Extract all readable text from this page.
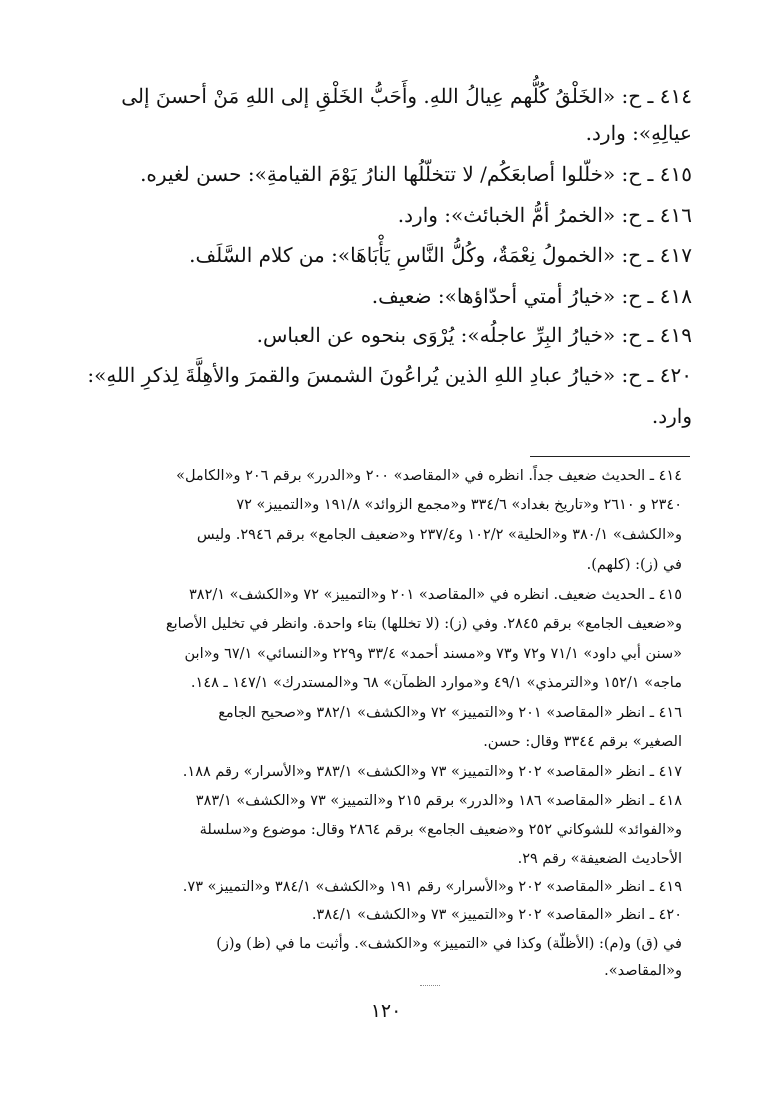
٤١٤ ـ ح: «الخَلْقُ كُلُّهم عِيالُ اللهِ. وأَحَبُّ الخَلْقِ إلى اللهِ مَنْ أحسنَ إلى
عيالِهِ»: وارد.
٤١٥ ـ ح: «خلّلوا أصابعَكُم/ لا تتخلّلُها النارُ يَوْمَ القيامةِ»: حسن لغيره.
٤١٦ ـ ح: «الخمرُ أمُّ الخبائث»: وارد.
٤١٧ ـ ح: «الخمولُ نِعْمَةٌ، وكُلُّ النَّاسِ يَأْبَاهَا»: من كلام السَّلَف.
٤١٨ ـ ح: «خيارُ أمتي أحدّاؤها»: ضعيف.
٤١٩ ـ ح: «خيارُ البِرِّ عاجلُه»: يُرْوَى بنحوه عن العباس.
٤٢٠ ـ ح: «خيارُ عبادِ اللهِ الذين يُراعُونَ الشمسَ والقمرَ والأهِلَّةَ لِذكرِ اللهِ»:
وارد.
٤١٤ ـ الحديث ضعيف جداً. انظره في «المقاصد» ٢٠٠ و«الدرر» برقم ٢٠٦ و«الكامل»
٢٣٤٠ و ٢٦١٠ و«تاريخ بغداد» ٣٣٤/٦ و«مجمع الزوائد» ١٩١/٨ و«التمييز» ٧٢
و«الكشف» ٣٨٠/١ و«الحلية» ١٠٢/٢ و٢٣٧/٤ و«ضعيف الجامع» برقم ٢٩٤٦. وليس
في (ز): (كلهم).
٤١٥ ـ الحديث ضعيف. انظره في «المقاصد» ٢٠١ و«التمييز» ٧٢ و«الكشف» ٣٨٢/١
و«ضعيف الجامع» برقم ٢٨٤٥. وفي (ز): (لا تخللها) بتاء واحدة. وانظر في تخليل الأصابع
«سنن أبي داود» ٧١/١ و٧٢ و٧٣ و«مسند أحمد» ٣٣/٤ و٢٢٩ و«النسائي» ٦٧/١ و«ابن
ماجه» ١٥٢/١ و«الترمذي» ٤٩/١ و«موارد الظمآن» ٦٨ و«المستدرك» ١٤٧/١ ـ ١٤٨.
٤١٦ ـ انظر «المقاصد» ٢٠١ و«التمييز» ٧٢ و«الكشف» ٣٨٢/١ و«صحيح الجامع
الصغير» برقم ٣٣٤٤ وقال: حسن.
٤١٧ ـ انظر «المقاصد» ٢٠٢ و«التمييز» ٧٣ و«الكشف» ٣٨٣/١ و«الأسرار» رقم ١٨٨.
٤١٨ ـ انظر «المقاصد» ١٨٦ و«الدرر» برقم ٢١٥ و«التمييز» ٧٣ و«الكشف» ٣٨٣/١
و«الفوائد» للشوكاني ٢٥٢ و«ضعيف الجامع» برقم ٢٨٦٤ وقال: موضوع و«سلسلة
الأحاديث الضعيفة» رقم ٢٩.
٤١٩ ـ انظر «المقاصد» ٢٠٢ و«الأسرار» رقم ١٩١ و«الكشف» ٣٨٤/١ و«التمييز» ٧٣.
٤٢٠ ـ انظر «المقاصد» ٢٠٢ و«التمييز» ٧٣ و«الكشف» ٣٨٤/١.
في (ق) و(م): (الأظلّة) وكذا في «التمييز» و«الكشف». وأثبت ما في (ظ) و(ز)
و«المقاصد».
١٢٠
